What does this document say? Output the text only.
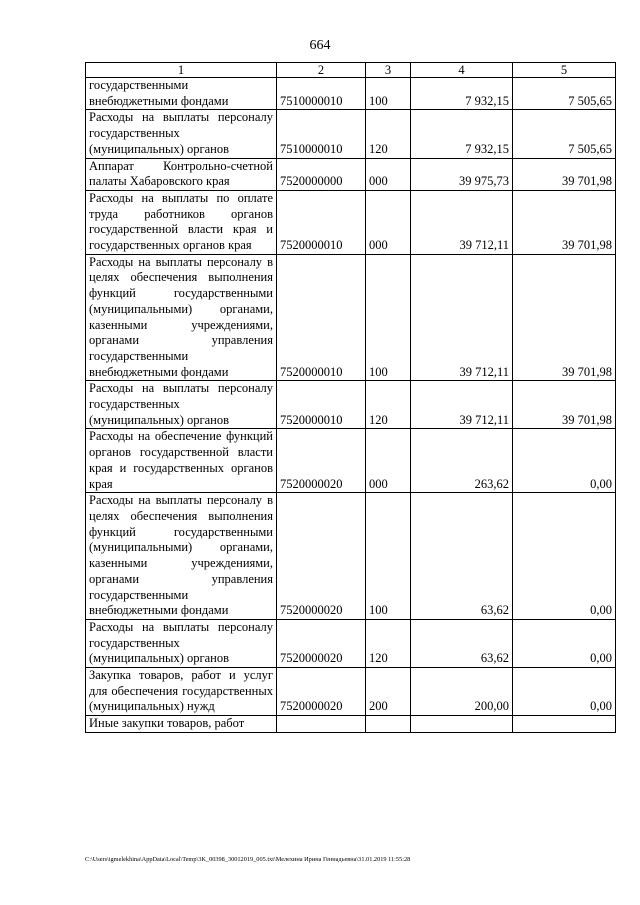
664
1	2	3	4	5
государственными внебюджетными фондами	7510000010	100	7 932,15	7 505,65
Расходы на выплаты персоналу государственных (муниципальных) органов	7510000010	120	7 932,15	7 505,65
Аппарат Контрольно-счетной палаты Хабаровского края	7520000000	000	39 975,73	39 701,98
Расходы на выплаты по оплате труда работников органов государственной власти края и государственных органов края	7520000010	000	39 712,11	39 701,98
Расходы на выплаты персоналу в целях обеспечения выполнения функций государственными (муниципальными) органами, казенными учреждениями, органами управления государственными внебюджетными фондами	7520000010	100	39 712,11	39 701,98
Расходы на выплаты персоналу государственных (муниципальных) органов	7520000010	120	39 712,11	39 701,98
Расходы на обеспечение функций органов государственной власти края и государственных органов края	7520000020	000	263,62	0,00
Расходы на выплаты персоналу в целях обеспечения выполнения функций государственными (муниципальными) органами, казенными учреждениями, органами управления государственными внебюджетными фондами	7520000020	100	63,62	0,00
Расходы на выплаты персоналу государственных (муниципальных) органов	7520000020	120	63,62	0,00
Закупка товаров, работ и услуг для обеспечения государственных (муниципальных) нужд	7520000020	200	200,00	0,00
Иные закупки товаров, работ				
C:\Users\igmelekhina\AppData\Local\Temp\3K_00398_30012019_005.txt\Мелехина Ирина Геннадьевна\31.01.2019 11:55:28
